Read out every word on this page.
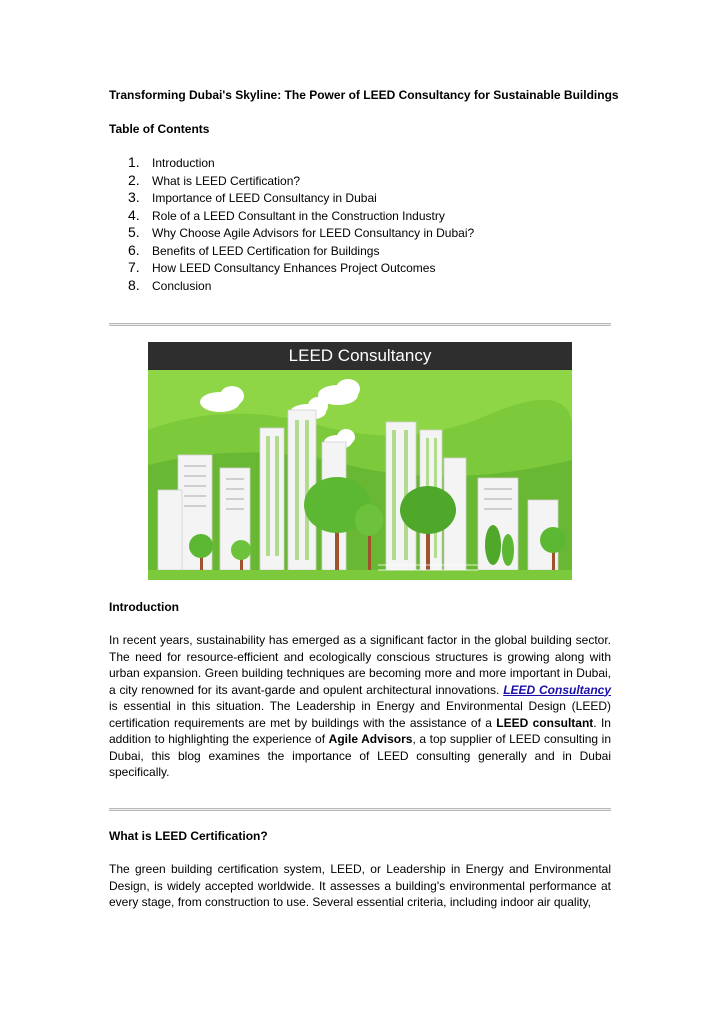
Transforming Dubai's Skyline: The Power of LEED Consultancy for Sustainable Buildings
Table of Contents
1.	Introduction
2.	What is LEED Certification?
3.	Importance of LEED Consultancy in Dubai
4.	Role of a LEED Consultant in the Construction Industry
5.	Why Choose Agile Advisors for LEED Consultancy in Dubai?
6.	Benefits of LEED Certification for Buildings
7.	How LEED Consultancy Enhances Project Outcomes
8.	Conclusion
LEED Consultancy
Introduction

In recent years, sustainability has emerged as a significant factor in the global building sector. The need for resource-efficient and ecologically conscious structures is growing along with urban expansion. Green building techniques are becoming more and more important in Dubai, a city renowned for its avant-garde and opulent architectural innovations. LEED Consultancy is essential in this situation. The Leadership in Energy and Environmental Design (LEED) certification requirements are met by buildings with the assistance of a LEED consultant. In addition to highlighting the experience of Agile Advisors, a top supplier of LEED consulting in Dubai, this blog examines the importance of LEED consulting generally and in Dubai specifically.

What is LEED Certification?

The green building certification system, LEED, or Leadership in Energy and Environmental Design, is widely accepted worldwide. It assesses a building's environmental performance at every stage, from construction to use. Several essential criteria, including indoor air quality,
